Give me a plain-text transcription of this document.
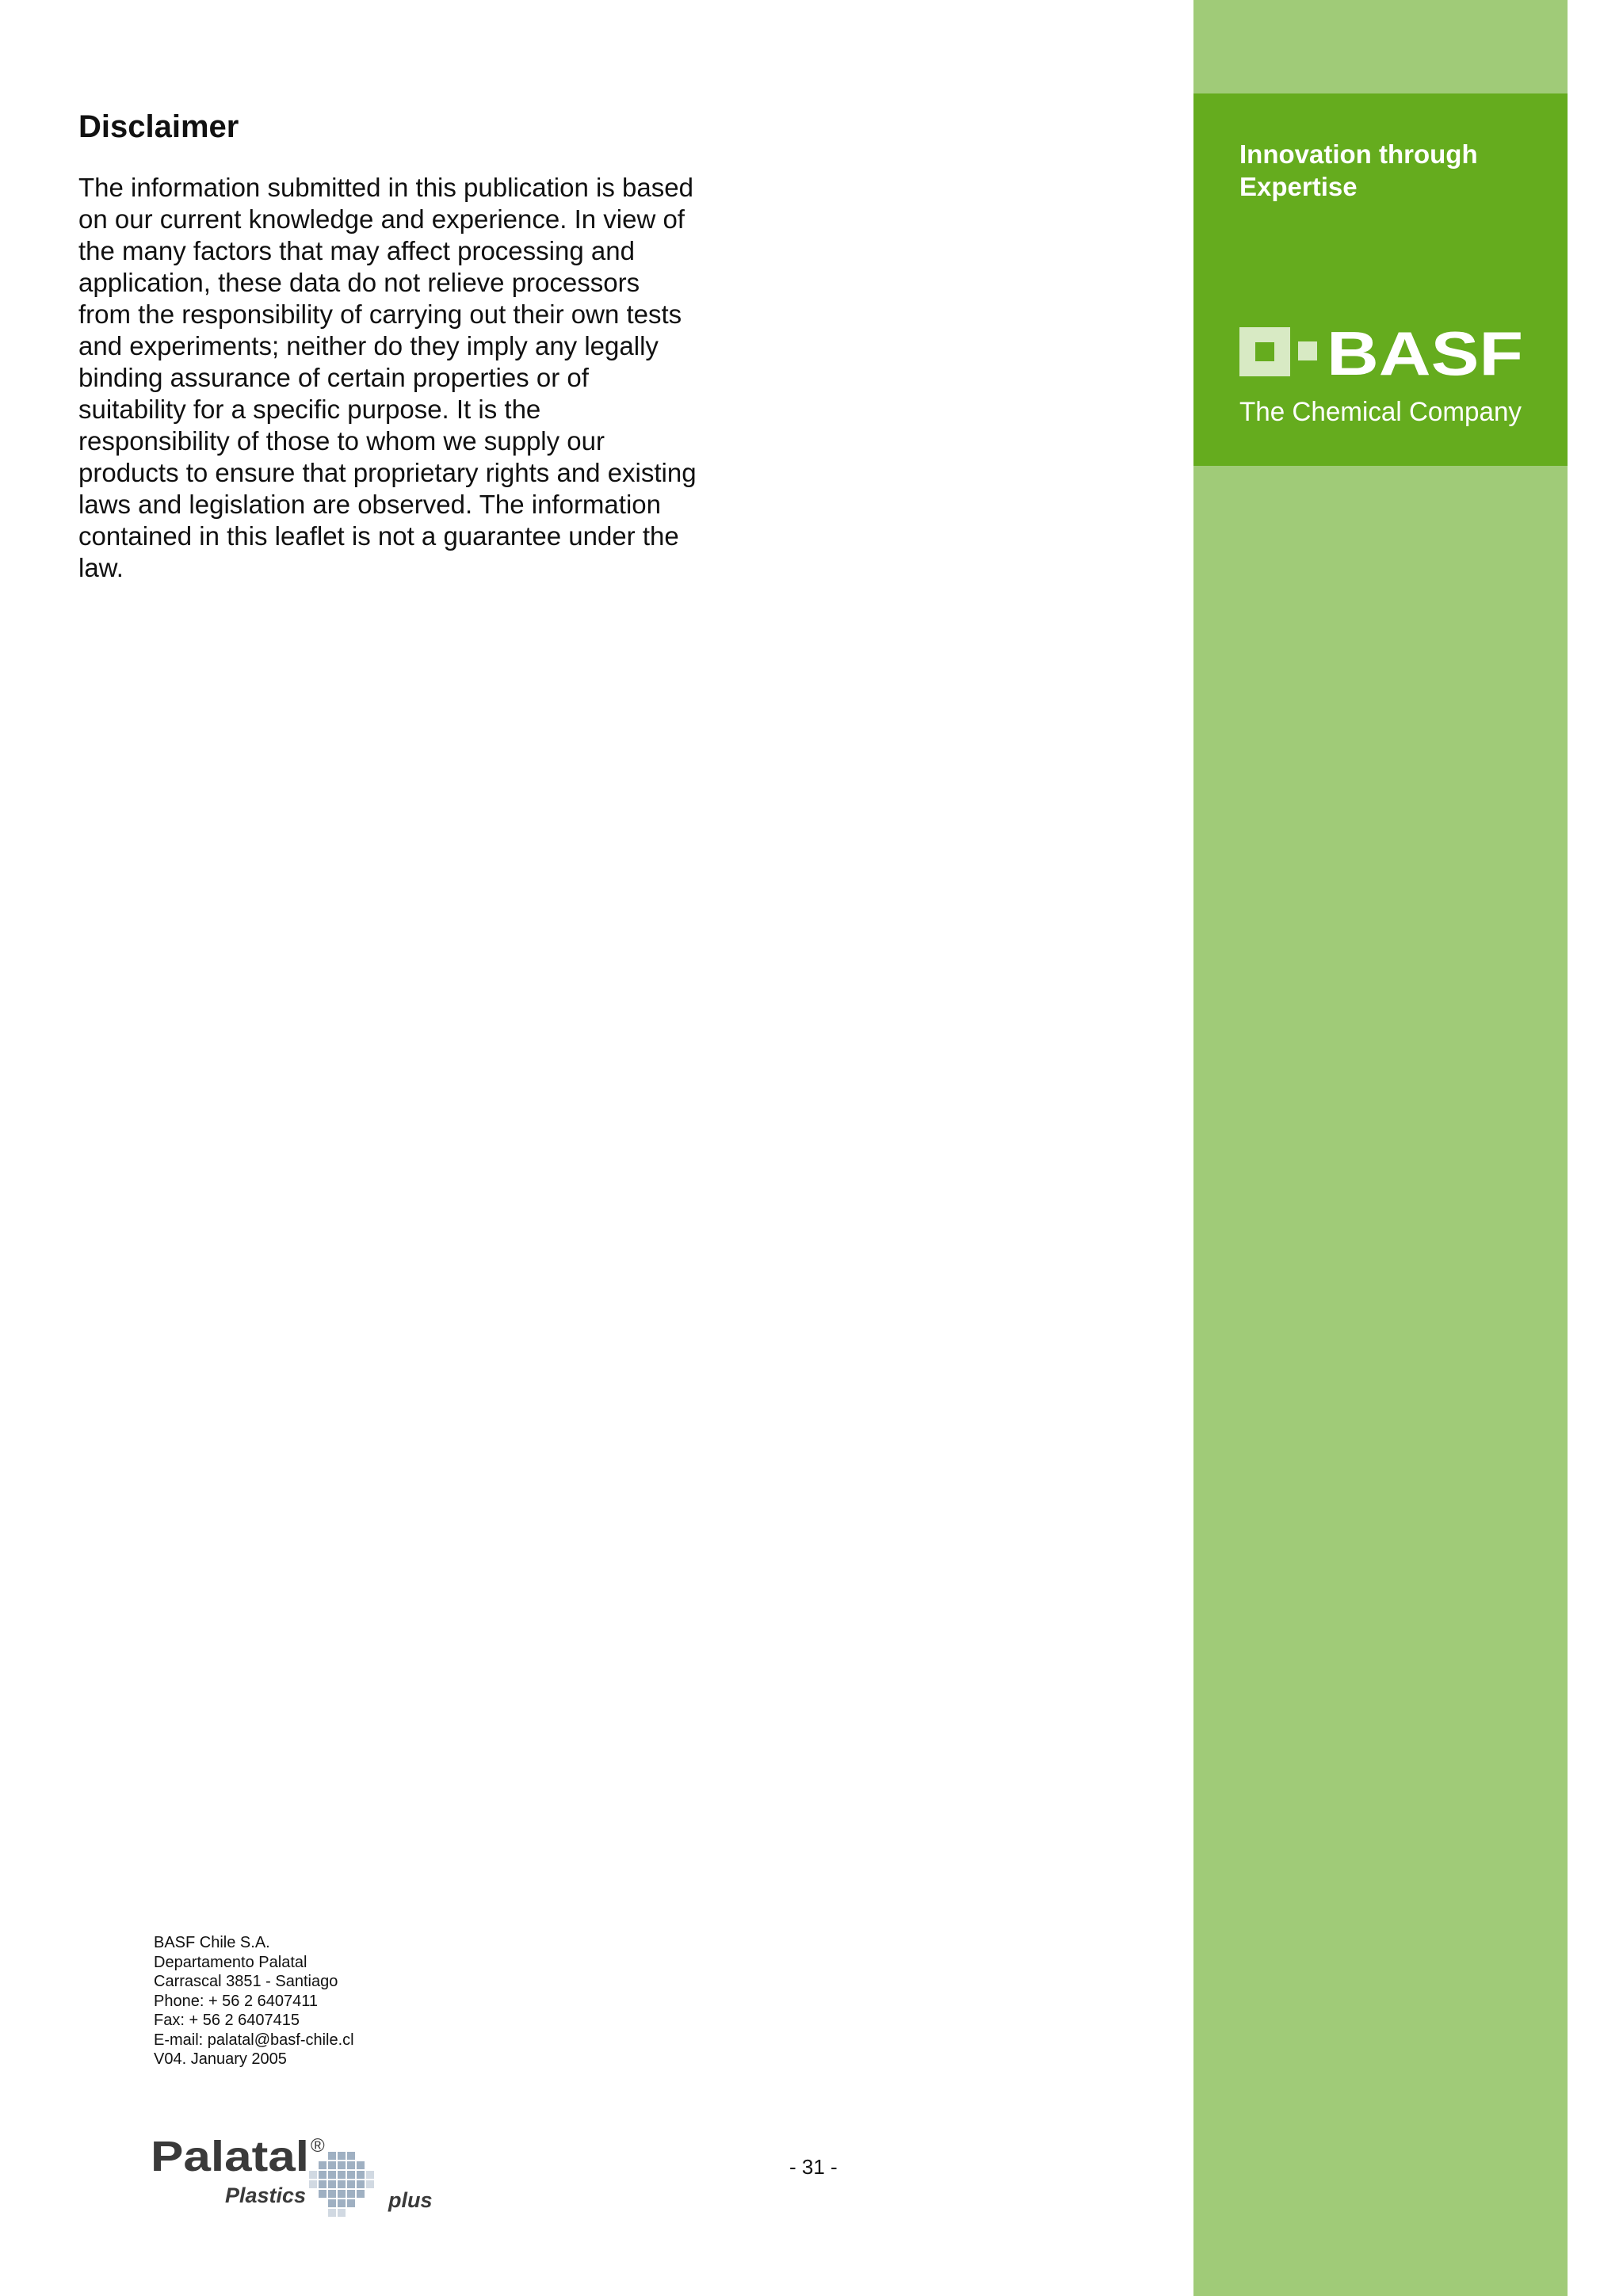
Disclaimer

The information submitted in this publication is based on our current knowledge and experience. In view of the many factors that may affect processing and application, these data do not relieve processors from the responsibility of carrying out their own tests and experiments; neither do they imply any legally binding assurance of certain properties or of suitability for a specific purpose. It is the responsibility of those to whom we supply our products to ensure that proprietary rights and existing laws and legislation are observed. The information contained in this leaflet is not a guarantee under the law.

BASF Chile S.A.
Departamento Palatal
Carrascal 3851 - Santiago
Phone: + 56 2 6407411
Fax: + 56 2 6407415
E-mail: palatal@basf-chile.cl
V04. January 2005
- 31 -
Innovation through
Expertise
BASF
The Chemical Company
Palatal ®
Plastics	plus
